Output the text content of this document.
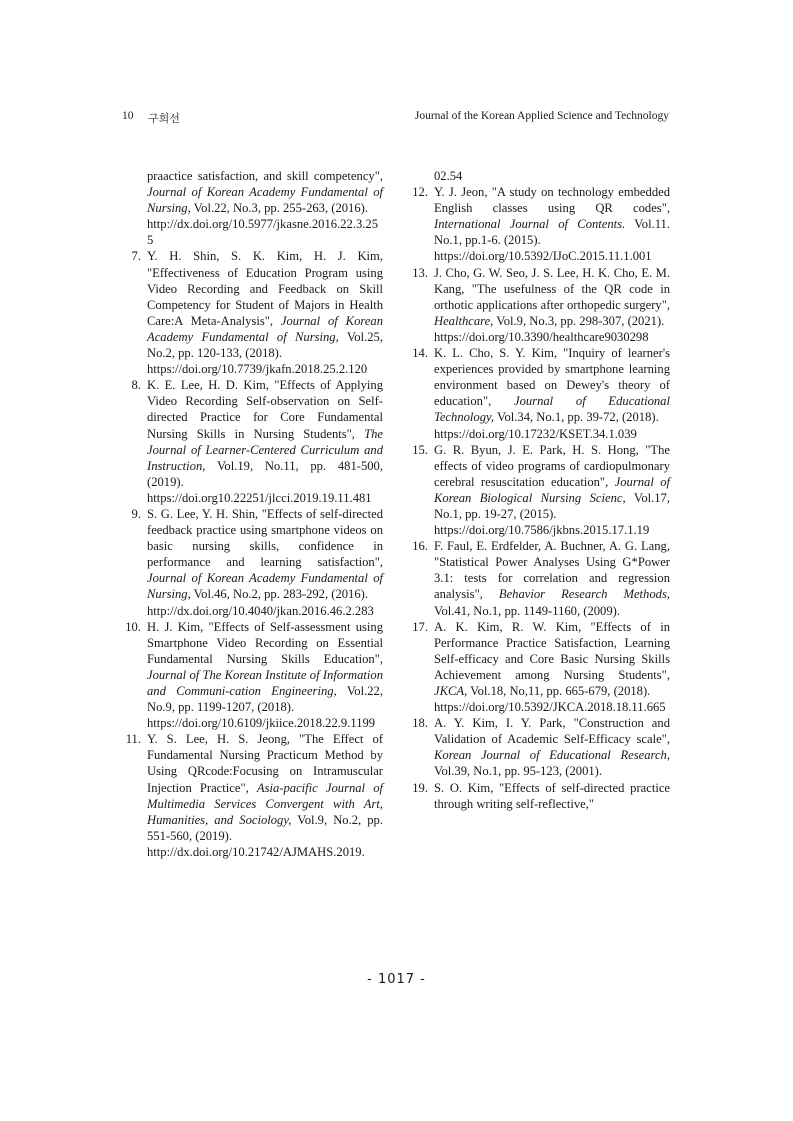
10 구희선	Journal of the Korean Applied Science and Technology

praactice satisfaction, and skill competency", Journal of Korean Academy Fundamental of Nursing, Vol.22, No.3, pp. 255-263, (2016).
http://dx.doi.org/10.5977/jkasne.2016.22.3.255

7. Y. H. Shin, S. K. Kim, H. J. Kim, "Effectiveness of Education Program using Video Recording and Feedback on Skill Competency for Student of Majors in Health Care:A Meta-Analysis", Journal of Korean Academy Fundamental of Nursing, Vol.25, No.2, pp. 120-133, (2018).
https://doi.org/10.7739/jkafn.2018.25.2.120

8. K. E. Lee, H. D. Kim, "Effects of Applying Video Recording Self-observation on Self-directed Practice for Core Fundamental Nursing Skills in Nursing Students", The Journal of Learner-Centered Curriculum and Instruction, Vol.19, No.11, pp. 481-500, (2019).
https://doi.org10.22251/jlcci.2019.19.11.481

9. S. G. Lee, Y. H. Shin, "Effects of self-directed feedback practice using smartphone videos on basic nursing skills, confidence in performance and learning satisfaction", Journal of Korean Academy Fundamental of Nursing, Vol.46, No.2, pp. 283-292, (2016).
http://dx.doi.org/10.4040/jkan.2016.46.2.283

10. H. J. Kim, "Effects of Self-assessment using Smartphone Video Recording on Essential Fundamental Nursing Skills Education", Journal of The Korean Institute of Information and Communi-cation Engineering, Vol.22, No.9, pp. 1199-1207, (2018).
https://doi.org/10.6109/jkiice.2018.22.9.1199

11. Y. S. Lee, H. S. Jeong, "The Effect of Fundamental Nursing Practicum Method by Using QRcode:Focusing on Intramuscular Injection Practice", Asia-pacific Journal of Multimedia Services Convergent with Art, Humanities, and Sociology, Vol.9, No.2, pp. 551-560, (2019).
http://dx.doi.org/10.21742/AJMAHS.2019.

02.54

12. Y. J. Jeon, "A study on technology embedded English classes using QR codes", International Journal of Contents. Vol.11. No.1, pp.1-6. (2015).
https://doi.org/10.5392/IJoC.2015.11.1.001

13. J. Cho, G. W. Seo, J. S. Lee, H. K. Cho, E. M. Kang, "The usefulness of the QR code in orthotic applications after orthopedic surgery", Healthcare, Vol.9, No.3, pp. 298-307, (2021).
https://doi.org/10.3390/healthcare9030298

14. K. L. Cho, S. Y. Kim, "Inquiry of learner's experiences provided by smartphone learning environment based on Dewey's theory of education", Journal of Educational Technology, Vol.34, No.1, pp. 39-72, (2018).
https://doi.org/10.17232/KSET.34.1.039

15. G. R. Byun, J. E. Park, H. S. Hong, "The effects of video programs of cardiopulmonary cerebral resuscitation education", Journal of Korean Biological Nursing Scienc, Vol.17, No.1, pp. 19-27, (2015).
https://doi.org/10.7586/jkbns.2015.17.1.19

16. F. Faul, E. Erdfelder, A. Buchner, A. G. Lang, "Statistical Power Analyses Using G*Power 3.1: tests for correlation and regression analysis", Behavior Research Methods, Vol.41, No.1, pp. 1149-1160, (2009).

17. A. K. Kim, R. W. Kim, "Effects of in Performance Practice Satisfaction, Learning Self-efficacy and Core Basic Nursing Skills Achievement among Nursing Students", JKCA, Vol.18, No,11, pp. 665-679, (2018).
https://doi.org/10.5392/JKCA.2018.18.11.665

18. A. Y. Kim, I. Y. Park, "Construction and Validation of Academic Self-Efficacy scale", Korean Journal of Educational Research, Vol.39, No.1, pp. 95-123, (2001).

19. S. O. Kim, "Effects of self-directed practice through writing self-reflective,"

- 1017 -
